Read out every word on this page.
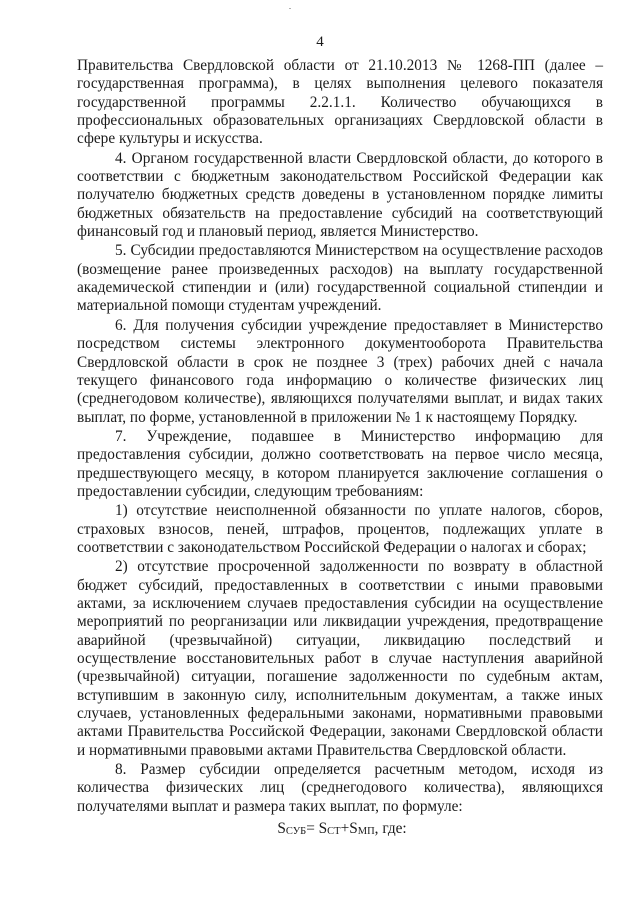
4

Правительства Свердловской области от 21.10.2013 № 1268-ПП (далее – государственная программа), в целях выполнения целевого показателя государственной программы 2.2.1.1. Количество обучающихся в профессиональных образовательных организациях Свердловской области в сфере культуры и искусства.

4. Органом государственной власти Свердловской области, до которого в соответствии с бюджетным законодательством Российской Федерации как получателю бюджетных средств доведены в установленном порядке лимиты бюджетных обязательств на предоставление субсидий на соответствующий финансовый год и плановый период, является Министерство.

5. Субсидии предоставляются Министерством на осуществление расходов (возмещение ранее произведенных расходов) на выплату государственной академической стипендии и (или) государственной социальной стипендии и материальной помощи студентам учреждений.

6. Для получения субсидии учреждение предоставляет в Министерство посредством системы электронного документооборота Правительства Свердловской области в срок не позднее 3 (трех) рабочих дней с начала текущего финансового года информацию о количестве физических лиц (среднегодовом количестве), являющихся получателями выплат, и видах таких выплат, по форме, установленной в приложении № 1 к настоящему Порядку.

7. Учреждение, подавшее в Министерство информацию для предоставления субсидии, должно соответствовать на первое число месяца, предшествующего месяцу, в котором планируется заключение соглашения о предоставлении субсидии, следующим требованиям:

1) отсутствие неисполненной обязанности по уплате налогов, сборов, страховых взносов, пеней, штрафов, процентов, подлежащих уплате в соответствии с законодательством Российской Федерации о налогах и сборах;

2) отсутствие просроченной задолженности по возврату в областной бюджет субсидий, предоставленных в соответствии с иными правовыми актами, за исключением случаев предоставления субсидии на осуществление мероприятий по реорганизации или ликвидации учреждения, предотвращение аварийной (чрезвычайной) ситуации, ликвидацию последствий и осуществление восстановительных работ в случае наступления аварийной (чрезвычайной) ситуации, погашение задолженности по судебным актам, вступившим в законную силу, исполнительным документам, а также иных случаев, установленных федеральными законами, нормативными правовыми актами Правительства Российской Федерации, законами Свердловской области и нормативными правовыми актами Правительства Свердловской области.

8. Размер субсидии определяется расчетным методом, исходя из количества физических лиц (среднегодового количества), являющихся получателями выплат и размера таких выплат, по формуле:

$S_{СУБ}= S_{СТ}+S_{МП}$, где:
